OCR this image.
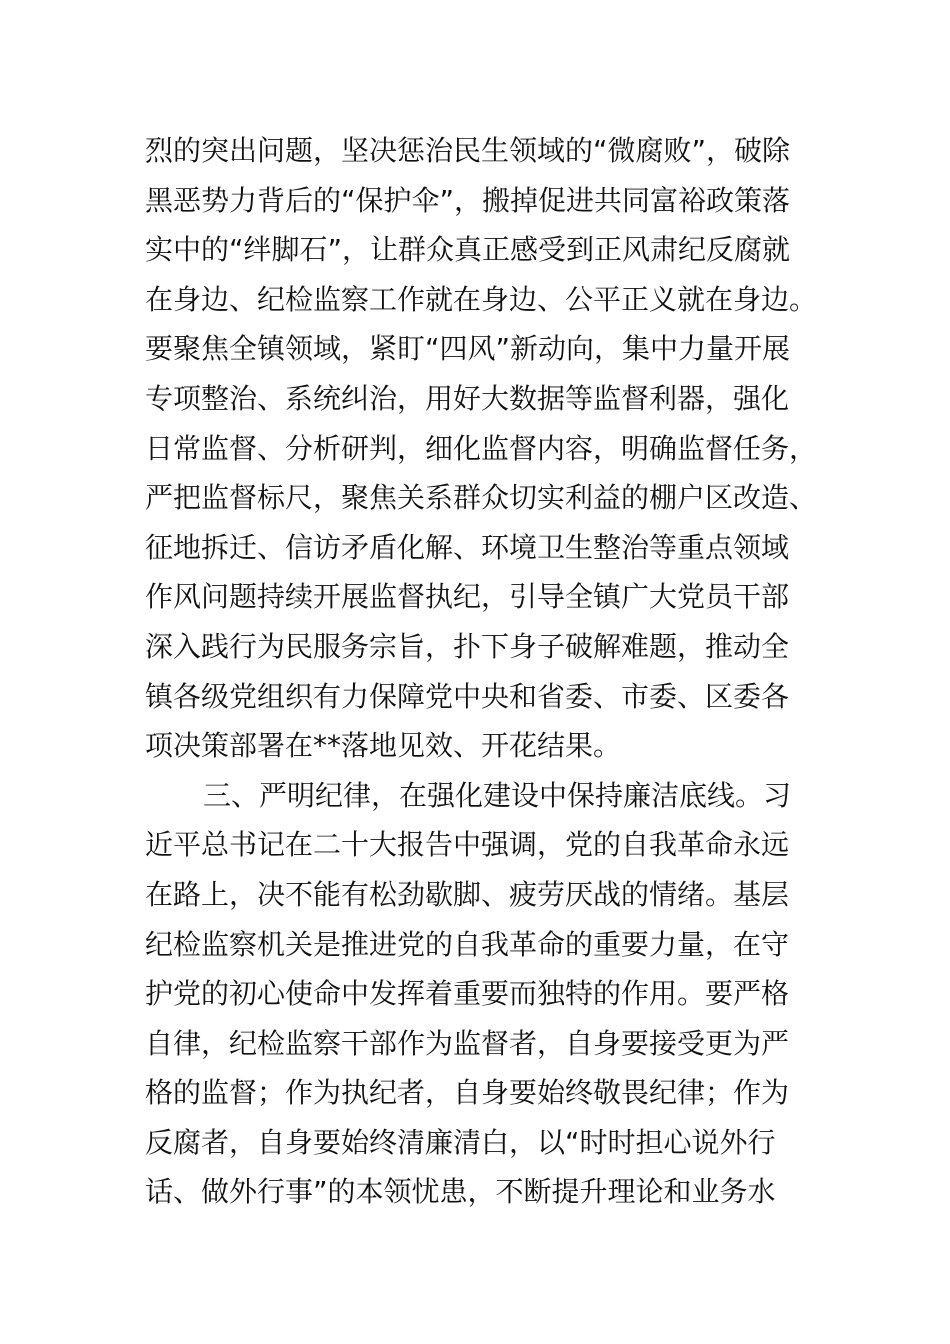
烈的突出问题，坚决惩治民生领域的“微腐败”，破除
黑恶势力背后的“保护伞”，搬掉促进共同富裕政策落
实中的“绊脚石”，让群众真正感受到正风肃纪反腐就
在身边、纪检监察工作就在身边、公平正义就在身边。
要聚焦全镇领域，紧盯“四风”新动向，集中力量开展
专项整治、系统纠治，用好大数据等监督利器，强化
日常监督、分析研判，细化监督内容，明确监督任务，
严把监督标尺，聚焦关系群众切实利益的棚户区改造、
征地拆迁、信访矛盾化解、环境卫生整治等重点领域
作风问题持续开展监督执纪，引导全镇广大党员干部
深入践行为民服务宗旨，扑下身子破解难题，推动全
镇各级党组织有力保障党中央和省委、市委、区委各
项决策部署在**落地见效、开花结果。
三、严明纪律，在强化建设中保持廉洁底线。习
近平总书记在二十大报告中强调，党的自我革命永远
在路上，决不能有松劲歇脚、疲劳厌战的情绪。基层
纪检监察机关是推进党的自我革命的重要力量，在守
护党的初心使命中发挥着重要而独特的作用。要严格
自律，纪检监察干部作为监督者，自身要接受更为严
格的监督；作为执纪者，自身要始终敬畏纪律；作为
反腐者，自身要始终清廉清白，以“时时担心说外行
话、做外行事”的本领忧患，不断提升理论和业务水
